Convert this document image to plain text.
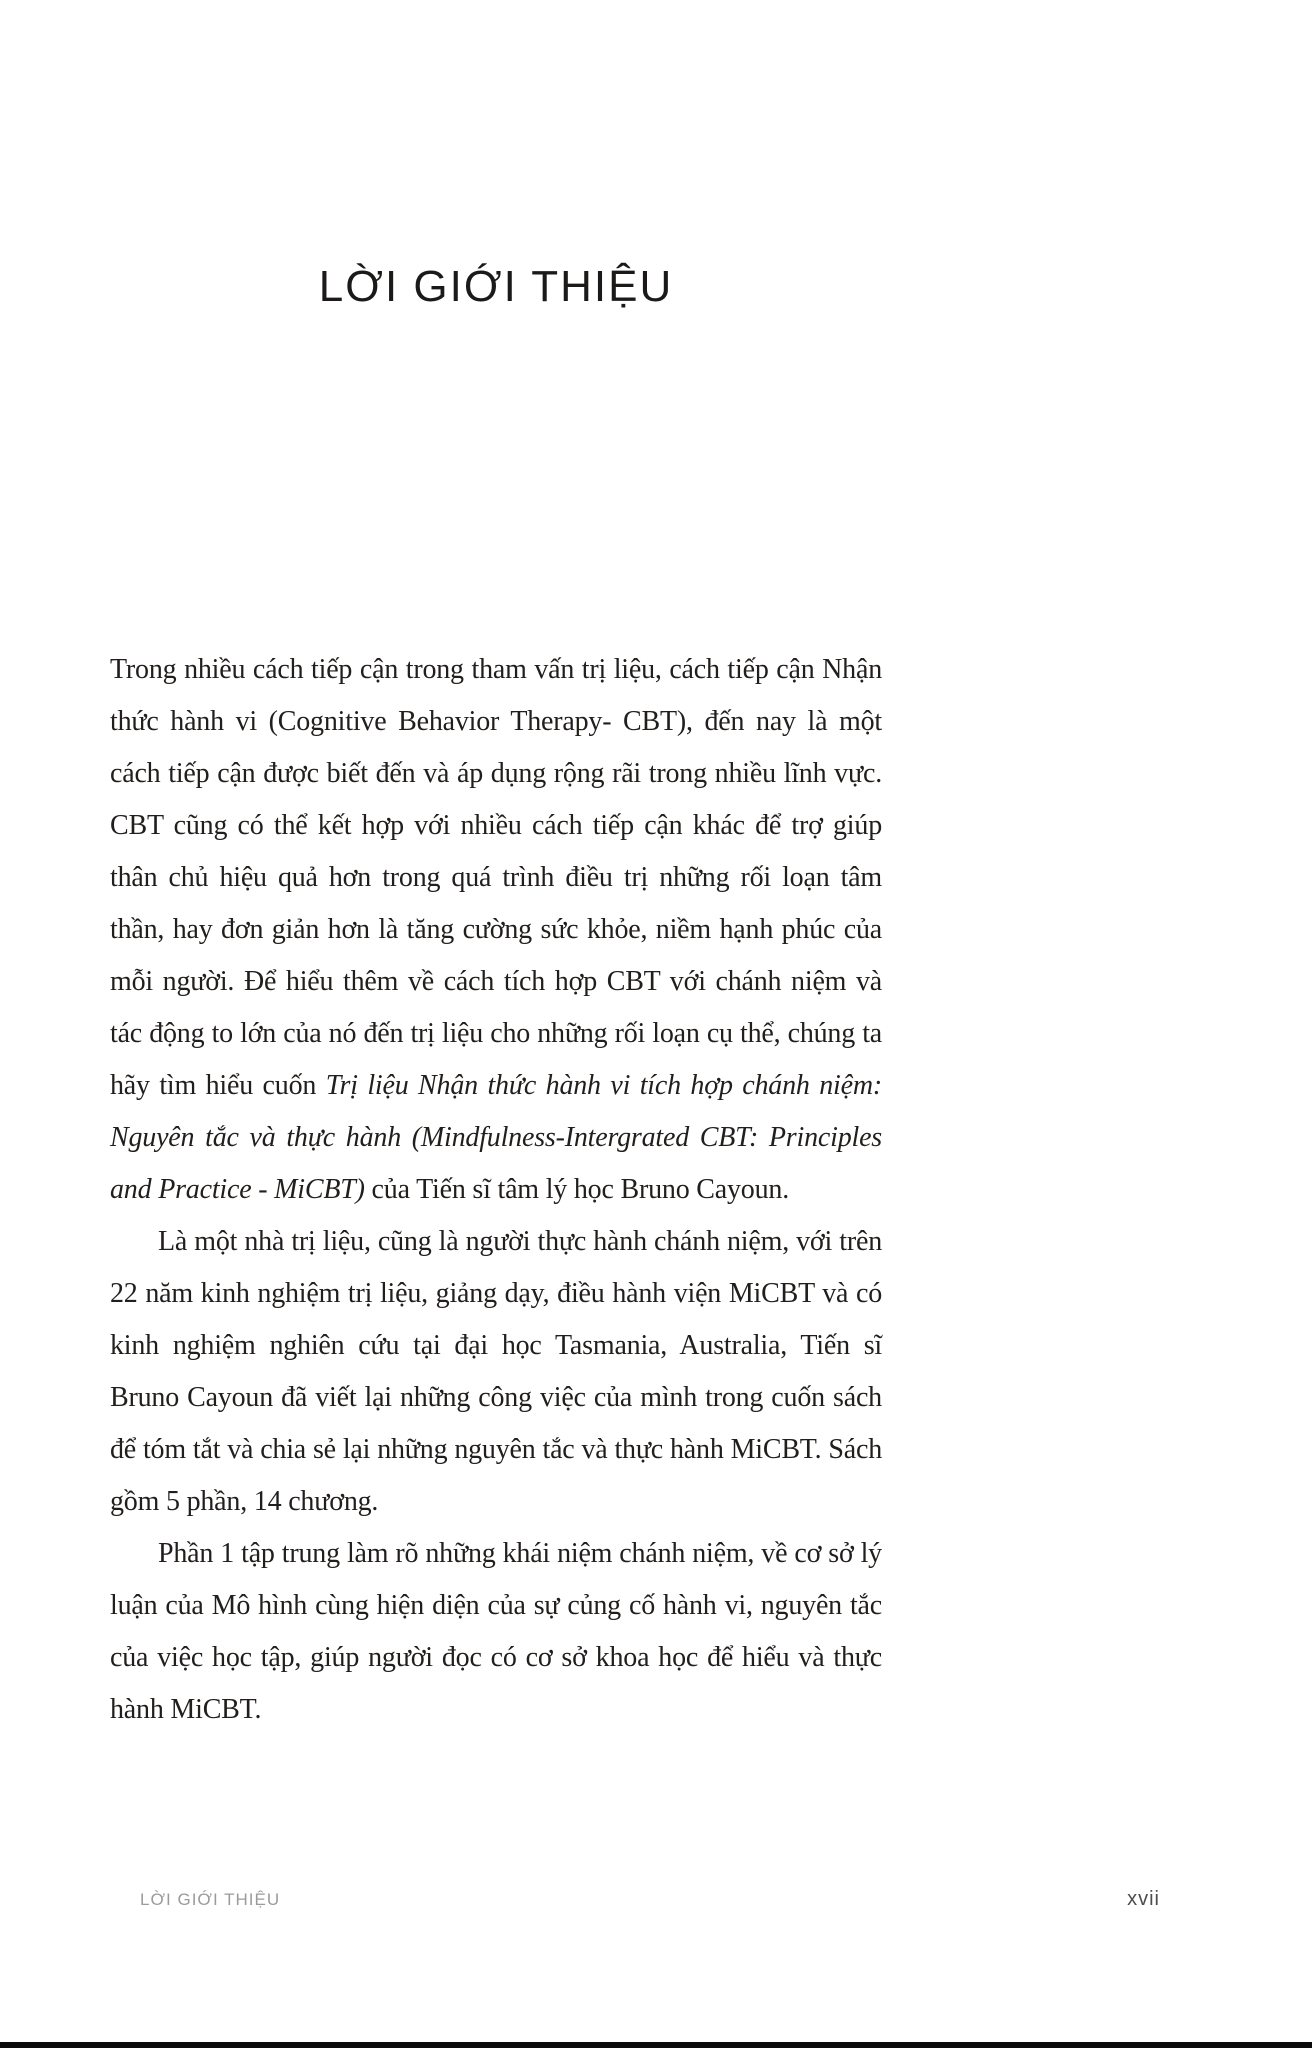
LỜI GIỚI THIỆU

Trong nhiều cách tiếp cận trong tham vấn trị liệu, cách tiếp cận Nhận thức hành vi (Cognitive Behavior Therapy- CBT), đến nay là một cách tiếp cận được biết đến và áp dụng rộng rãi trong nhiều lĩnh vực. CBT cũng có thể kết hợp với nhiều cách tiếp cận khác để trợ giúp thân chủ hiệu quả hơn trong quá trình điều trị những rối loạn tâm thần, hay đơn giản hơn là tăng cường sức khỏe, niềm hạnh phúc của mỗi người. Để hiểu thêm về cách tích hợp CBT với chánh niệm và tác động to lớn của nó đến trị liệu cho những rối loạn cụ thể, chúng ta hãy tìm hiểu cuốn Trị liệu Nhận thức hành vi tích hợp chánh niệm: Nguyên tắc và thực hành (Mindfulness-Intergrated CBT: Principles and Practice - MiCBT) của Tiến sĩ tâm lý học Bruno Cayoun.

Là một nhà trị liệu, cũng là người thực hành chánh niệm, với trên 22 năm kinh nghiệm trị liệu, giảng dạy, điều hành viện MiCBT và có kinh nghiệm nghiên cứu tại đại học Tasmania, Australia, Tiến sĩ Bruno Cayoun đã viết lại những công việc của mình trong cuốn sách để tóm tắt và chia sẻ lại những nguyên tắc và thực hành MiCBT. Sách gồm 5 phần, 14 chương.

Phần 1 tập trung làm rõ những khái niệm chánh niệm, về cơ sở lý luận của Mô hình cùng hiện diện của sự củng cố hành vi, nguyên tắc của việc học tập, giúp người đọc có cơ sở khoa học để hiểu và thực hành MiCBT.

LỜI GIỚI THIỆU	xvii
